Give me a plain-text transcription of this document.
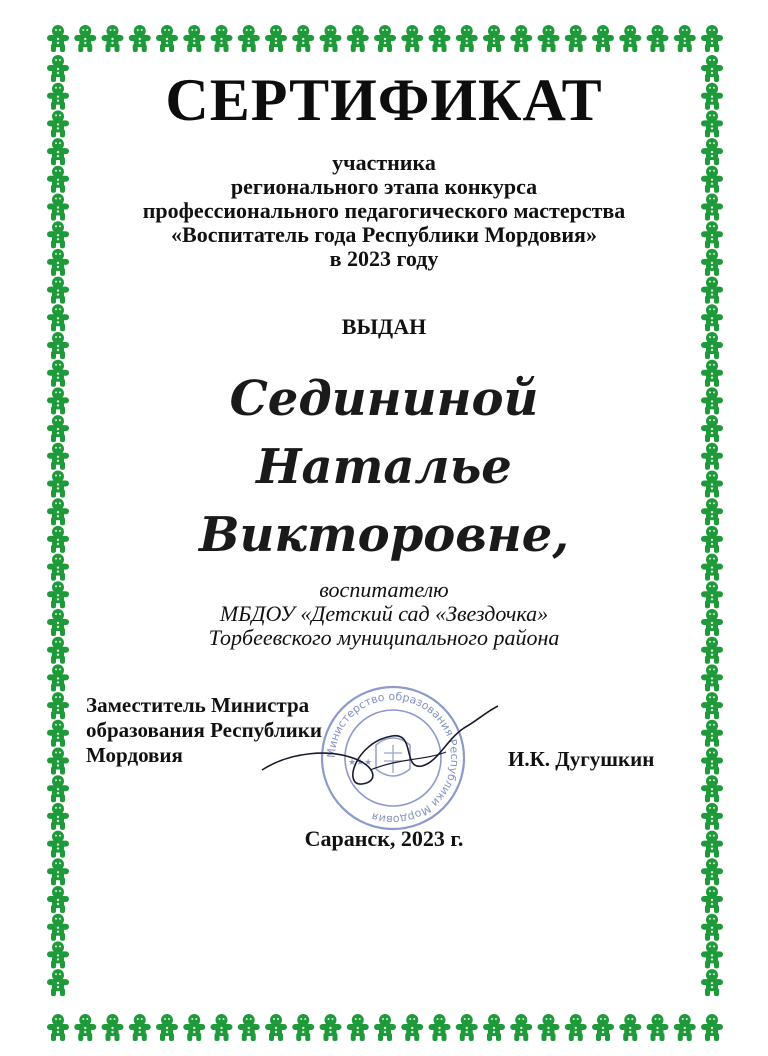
СЕРТИФИКАТ
участника
регионального этапа конкурса
профессионального педагогического мастерства
«Воспитатель года Республики Мордовия»
в 2023 году
ВЫДАН
Седининой
Наталье
Викторовне,
воспитателю
МБДОУ «Детский сад «Звездочка»
Торбеевского муниципального района
Министерство образования Республики Мордовия
★★★
Заместитель Министра
образования Республики
Мордовия	И.К. Дугушкин
Саранск, 2023 г.
